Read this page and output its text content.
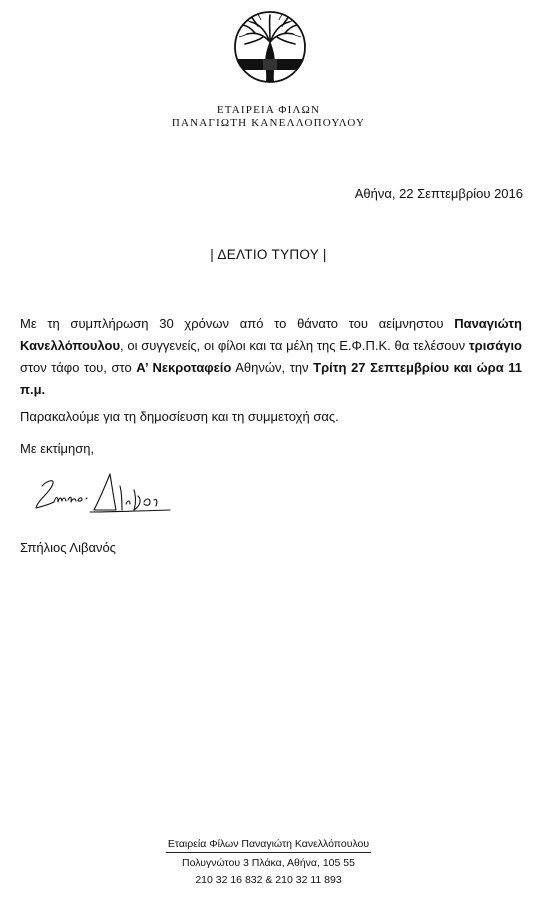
ΕΤΑΙΡΕΙΑ ΦΙΛΩΝ
ΠΑΝΑΓΙΩΤΗ ΚΑΝΕΛΛΟΠΟΥΛΟΥ
Αθήνα, 22 Σεπτεμβρίου 2016
| ΔΕΛΤΙΟ ΤΥΠΟΥ |
Με τη συμπλήρωση 30 χρόνων από το θάνατο του αείμνηστου Παναγιώτη Κανελλόπουλου, οι συγγενείς, οι φίλοι και τα μέλη της Ε.Φ.Π.Κ. θα τελέσουν τρισάγιο στον τάφο του, στο Α’ Νεκροταφείο Αθηνών, την Τρίτη 27 Σεπτεμβρίου και ώρα 11 π.μ.
Παρακαλούμε για τη δημοσίευση και τη συμμετοχή σας.
Με εκτίμηση,
Σπήλιος Λιβανός
Εταιρεία Φίλων Παναγιώτη Κανελλόπουλου
Πολυγνώτου 3 Πλάκα, Αθήνα, 105 55
210 32 16 832 & 210 32 11 893
